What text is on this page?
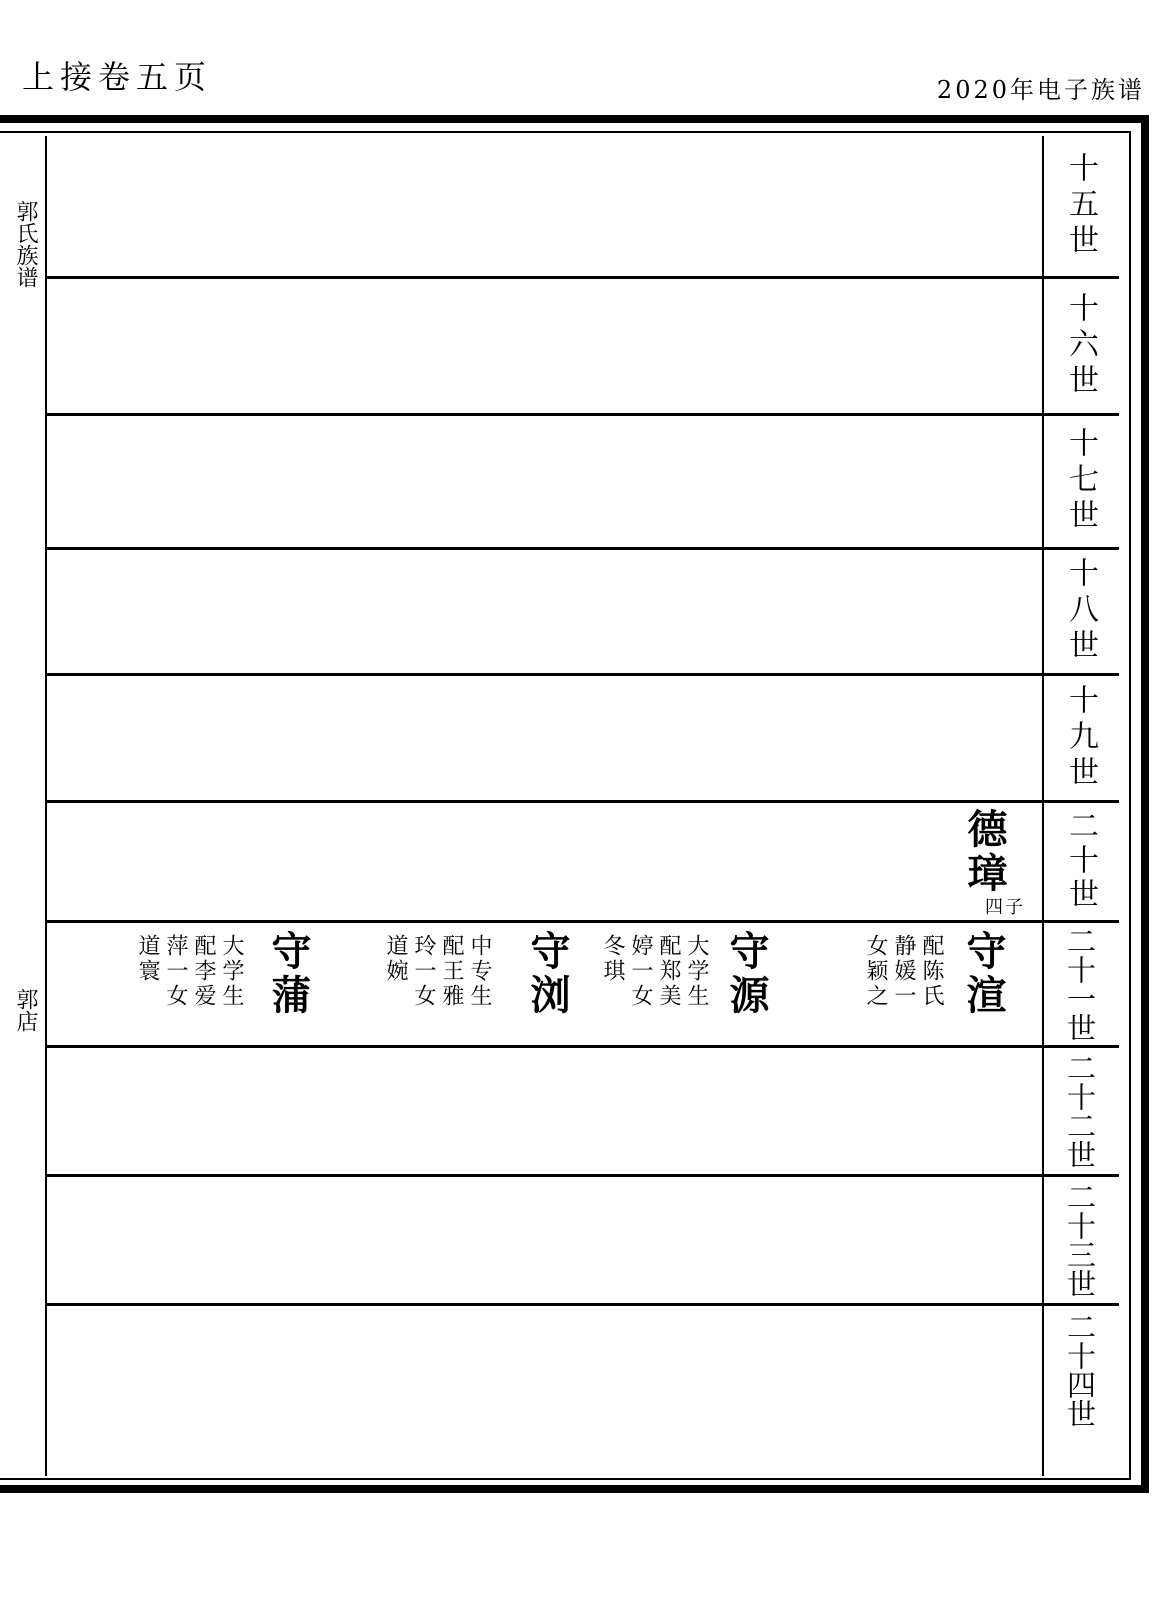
上接卷五页	2020年电子族谱
郭氏族谱
郭店
十五世
十六世
十七世
十八世
十九世
二十世
二十一世
二十二世
二十三世
二十四世
德璋
四子
守渲
配陈氏
静媛一
女颖之
守源
大学生
配郑美
婷一女
冬琪
守浏
中专生
配王雅
玲一女
道婉
守蒲
大学生
配李爱
萍一女
道寰
